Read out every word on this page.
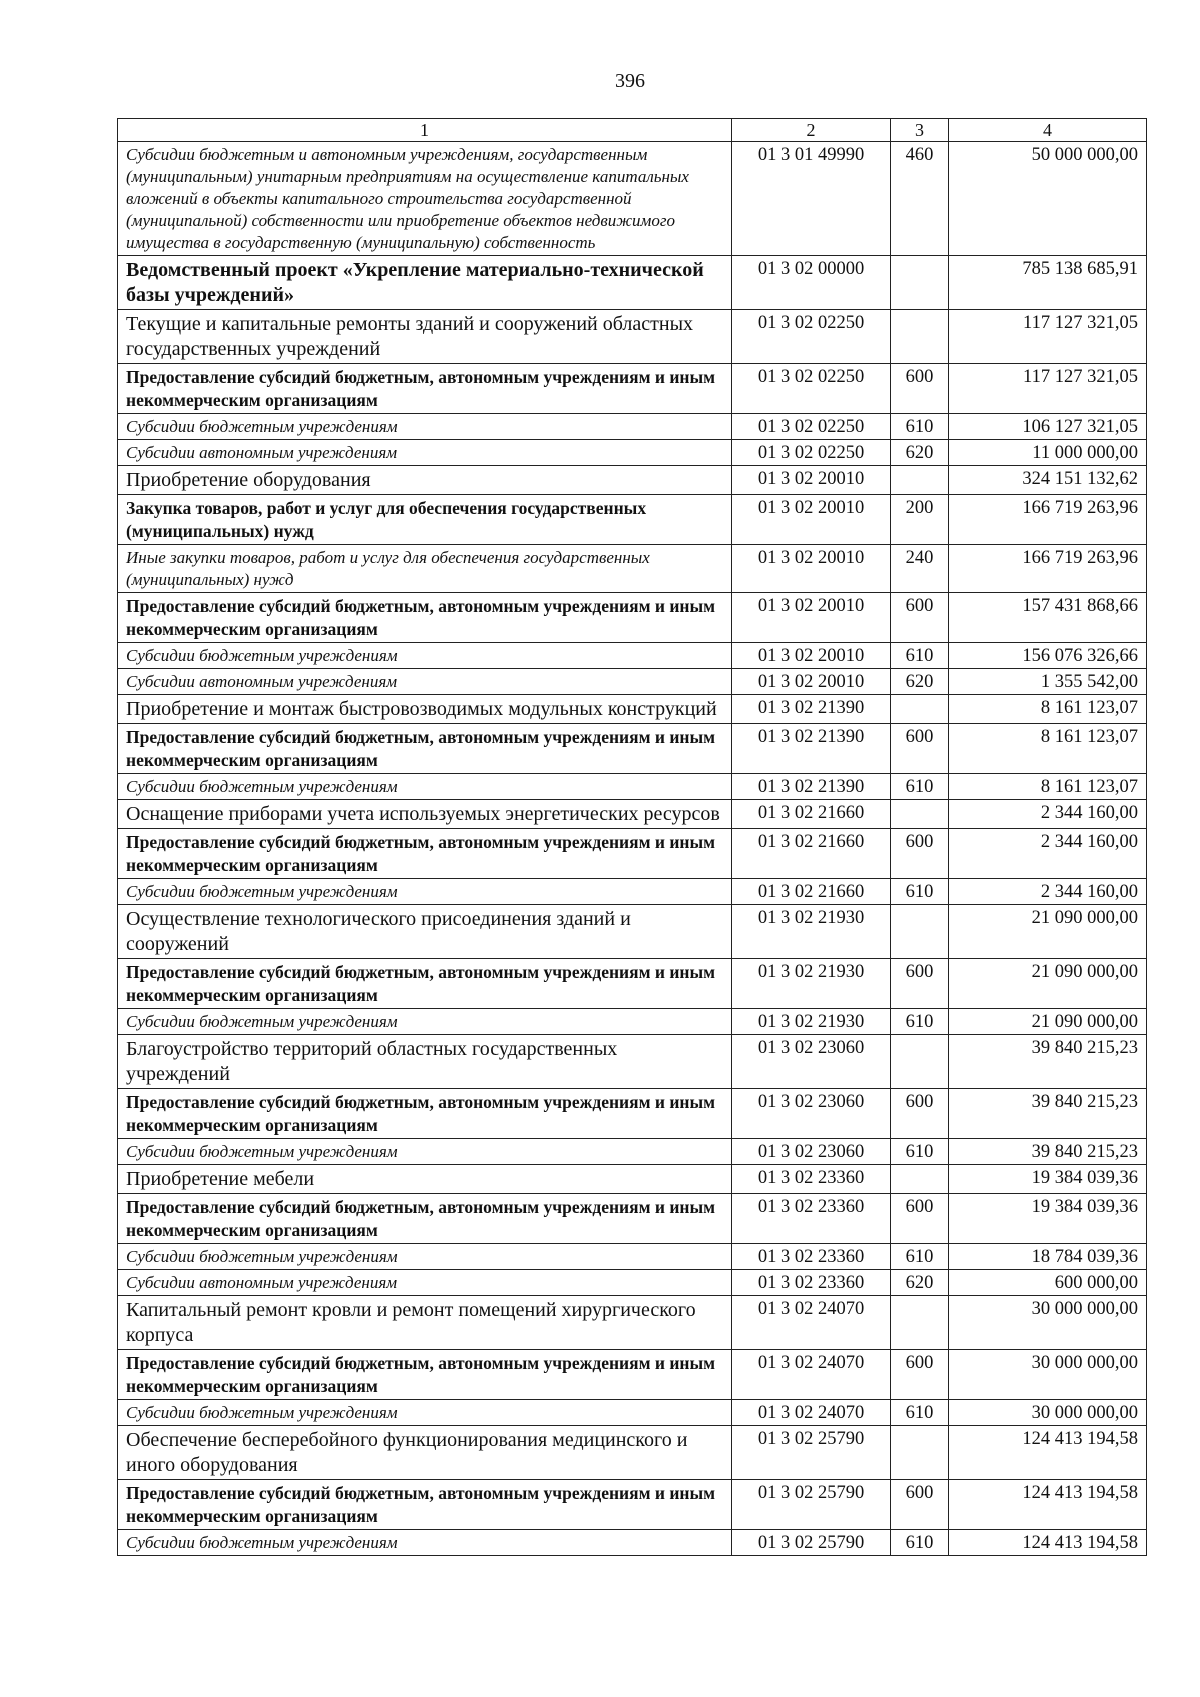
396
1	2	3	4
Субсидии бюджетным и автономным учреждениям, государственным (муниципальным) унитарным предприятиям на осуществление капитальных вложений в объекты капитального строительства государственной (муниципальной) собственности или приобретение объектов недвижимого имущества в государственную (муниципальную) собственность	01 3 01 49990	460	50 000 000,00
Ведомственный проект «Укрепление материально-технической базы учреждений»	01 3 02 00000		785 138 685,91
Текущие и капитальные ремонты зданий и сооружений областных государственных учреждений	01 3 02 02250		117 127 321,05
Предоставление субсидий бюджетным, автономным учреждениям и иным некоммерческим организациям	01 3 02 02250	600	117 127 321,05
Субсидии бюджетным учреждениям	01 3 02 02250	610	106 127 321,05
Субсидии автономным учреждениям	01 3 02 02250	620	11 000 000,00
Приобретение оборудования	01 3 02 20010		324 151 132,62
Закупка товаров, работ и услуг для обеспечения государственных (муниципальных) нужд	01 3 02 20010	200	166 719 263,96
Иные закупки товаров, работ и услуг для обеспечения государственных (муниципальных) нужд	01 3 02 20010	240	166 719 263,96
Предоставление субсидий бюджетным, автономным учреждениям и иным некоммерческим организациям	01 3 02 20010	600	157 431 868,66
Субсидии бюджетным учреждениям	01 3 02 20010	610	156 076 326,66
Субсидии автономным учреждениям	01 3 02 20010	620	1 355 542,00
Приобретение и монтаж быстровозводимых модульных конструкций	01 3 02 21390		8 161 123,07
Предоставление субсидий бюджетным, автономным учреждениям и иным некоммерческим организациям	01 3 02 21390	600	8 161 123,07
Субсидии бюджетным учреждениям	01 3 02 21390	610	8 161 123,07
Оснащение приборами учета используемых энергетических ресурсов	01 3 02 21660		2 344 160,00
Предоставление субсидий бюджетным, автономным учреждениям и иным некоммерческим организациям	01 3 02 21660	600	2 344 160,00
Субсидии бюджетным учреждениям	01 3 02 21660	610	2 344 160,00
Осуществление технологического присоединения зданий и сооружений	01 3 02 21930		21 090 000,00
Предоставление субсидий бюджетным, автономным учреждениям и иным некоммерческим организациям	01 3 02 21930	600	21 090 000,00
Субсидии бюджетным учреждениям	01 3 02 21930	610	21 090 000,00
Благоустройство территорий областных государственных учреждений	01 3 02 23060		39 840 215,23
Предоставление субсидий бюджетным, автономным учреждениям и иным некоммерческим организациям	01 3 02 23060	600	39 840 215,23
Субсидии бюджетным учреждениям	01 3 02 23060	610	39 840 215,23
Приобретение мебели	01 3 02 23360		19 384 039,36
Предоставление субсидий бюджетным, автономным учреждениям и иным некоммерческим организациям	01 3 02 23360	600	19 384 039,36
Субсидии бюджетным учреждениям	01 3 02 23360	610	18 784 039,36
Субсидии автономным учреждениям	01 3 02 23360	620	600 000,00
Капитальный ремонт кровли и ремонт помещений хирургического корпуса	01 3 02 24070		30 000 000,00
Предоставление субсидий бюджетным, автономным учреждениям и иным некоммерческим организациям	01 3 02 24070	600	30 000 000,00
Субсидии бюджетным учреждениям	01 3 02 24070	610	30 000 000,00
Обеспечение бесперебойного функционирования медицинского и иного оборудования	01 3 02 25790		124 413 194,58
Предоставление субсидий бюджетным, автономным учреждениям и иным некоммерческим организациям	01 3 02 25790	600	124 413 194,58
Субсидии бюджетным учреждениям	01 3 02 25790	610	124 413 194,58
